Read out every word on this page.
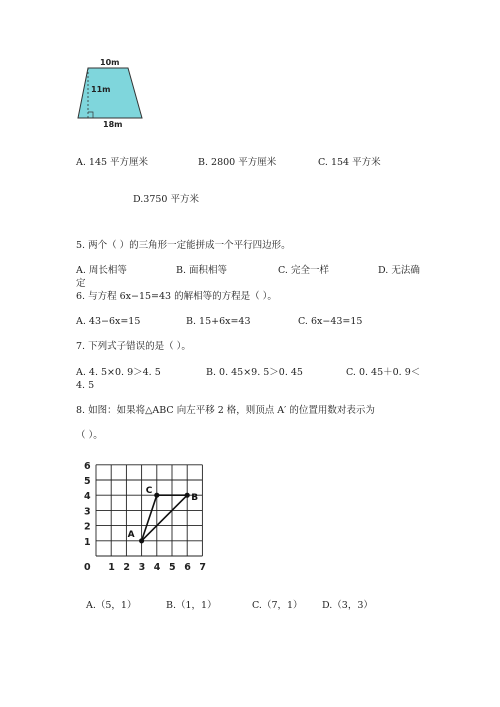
10m
11m
18m
A. 145 平方厘米	B. 2800 平方厘米	C. 154 平方米
D.3750 平方米
5. 两个（ ）的三角形一定能拼成一个平行四边形。
A. 周长相等	B. 面积相等	C. 完全一样	D. 无法确
定
6. 与方程 6x−15=43 的解相等的方程是（ ）。
A. 43−6x=15	B. 15+6x=43	C. 6x−43=15
7. 下列式子错误的是（ ）。
A. 4. 5×0. 9＞4. 5	B. 0. 45×9. 5＞0. 45	C. 0. 45＋0. 9＜
4. 5
8. 如图：如果将△ABC 向左平移 2 格，则顶点 A′ 的位置用数对表示为
（ ）。
A
B
C
0 1 2 3 4 5 6 7
1
2
3
4
5
6
A.（5，1）	B.（1，1）	C.（7，1） D.（3，3）
